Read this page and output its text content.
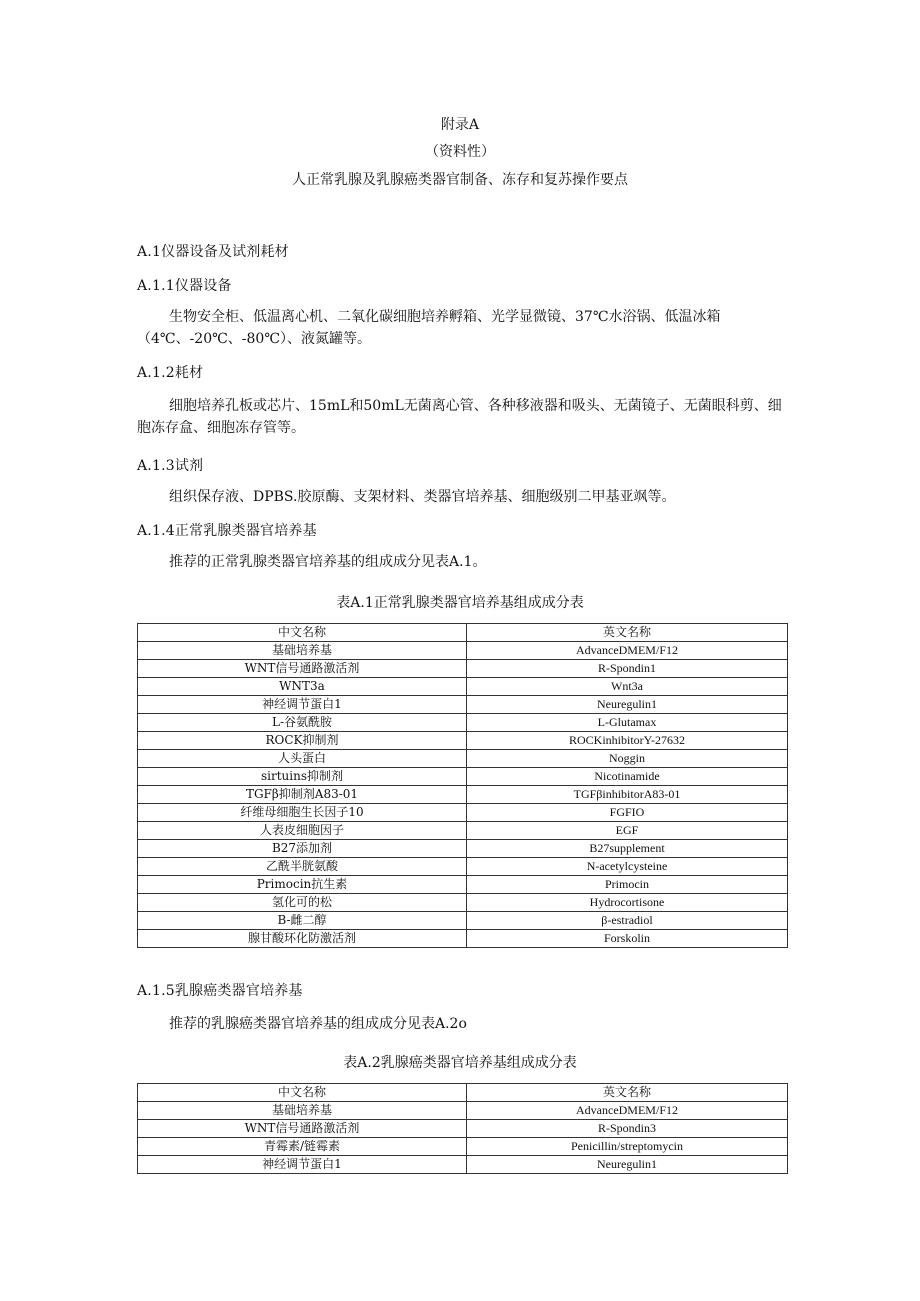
附录A
（资料性）
人正常乳腺及乳腺癌类器官制备、冻存和复苏操作要点
A.1仪器设备及试剂耗材
A.1.1仪器设备
生物安全柜、低温离心机、二氧化碳细胞培养孵箱、光学显微镜、37℃水浴锅、低温冰箱（4℃、-20℃、-80℃）、液氮罐等。
A.1.2耗材
细胞培养孔板或芯片、15mL和50mL无菌离心管、各种移液器和吸头、无菌镜子、无菌眼科剪、细胞冻存盒、细胞冻存管等。
A.1.3试剂
组织保存液、DPBS.胶原酶、支架材料、类器官培养基、细胞级别二甲基亚飒等。
A.1.4正常乳腺类器官培养基
推荐的正常乳腺类器官培养基的组成成分见表A.1。
表A.1正常乳腺类器官培养基组成成分表
中文名称	英文名称
基础培养基	AdvanceDMEM/F12
WNT信号通路激活剂	R-Spondin1
WNT3a	Wnt3a
神经调节蛋白1	Neuregulin1
L-谷氨酰胺	L-Glutamax
ROCK抑制剂	ROCKinhibitorY-27632
人头蛋白	Noggin
sirtuins抑制剂	Nicotinamide
TGFβ抑制剂A83-01	TGFβinhibitorA83-01
纤维母细胞生长因子10	FGFIO
人表皮细胞因子	EGF
B27添加剂	B27supplement
乙酰半胱氨酸	N-acetylcysteine
Primocin抗生素	Primocin
氢化可的松	Hydrocortisone
B-雌二醇	β-estradiol
腺甘酸环化防激活剂	Forskolin
A.1.5乳腺癌类器官培养基
推荐的乳腺癌类器官培养基的组成成分见表A.2o
表A.2乳腺癌类器官培养基组成成分表
中文名称	英文名称
基础培养基	AdvanceDMEM/F12
WNT信号通路激活剂	R-Spondin3
青霉素/链霉素	Penicillin/streptomycin
神经调节蛋白1	Neuregulin1
